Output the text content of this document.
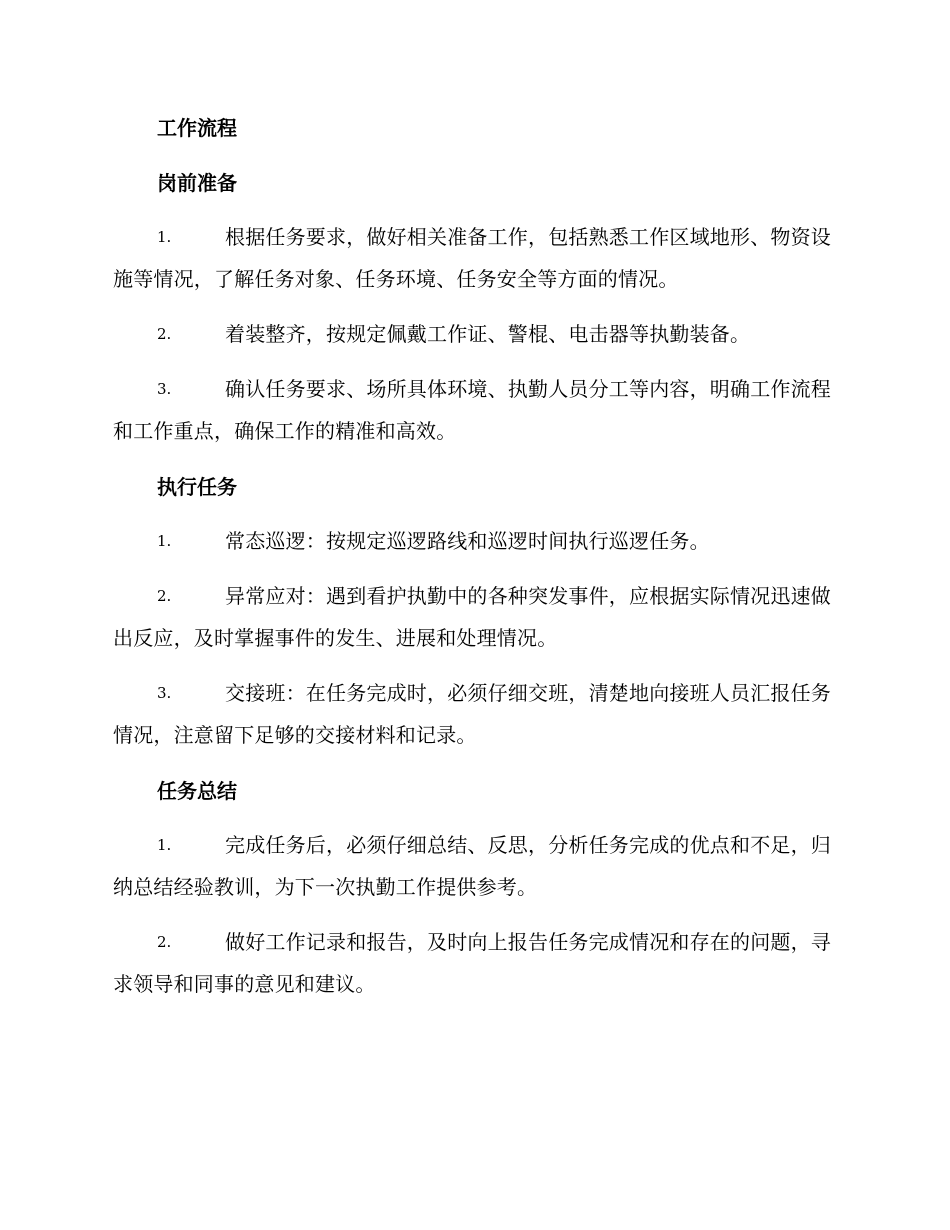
工作流程
岗前准备
1.	根据任务要求，做好相关准备工作，包括熟悉工作区域地形、物资设施等情况，了解任务对象、任务环境、任务安全等方面的情况。
2.	着装整齐，按规定佩戴工作证、警棍、电击器等执勤装备。
3.	确认任务要求、场所具体环境、执勤人员分工等内容，明确工作流程和工作重点，确保工作的精准和高效。
执行任务
1.	常态巡逻：按规定巡逻路线和巡逻时间执行巡逻任务。
2.	异常应对：遇到看护执勤中的各种突发事件，应根据实际情况迅速做出反应，及时掌握事件的发生、进展和处理情况。
3.	交接班：在任务完成时，必须仔细交班，清楚地向接班人员汇报任务情况，注意留下足够的交接材料和记录。
任务总结
1.	完成任务后，必须仔细总结、反思，分析任务完成的优点和不足，归纳总结经验教训，为下一次执勤工作提供参考。
2.	做好工作记录和报告，及时向上报告任务完成情况和存在的问题，寻求领导和同事的意见和建议。
